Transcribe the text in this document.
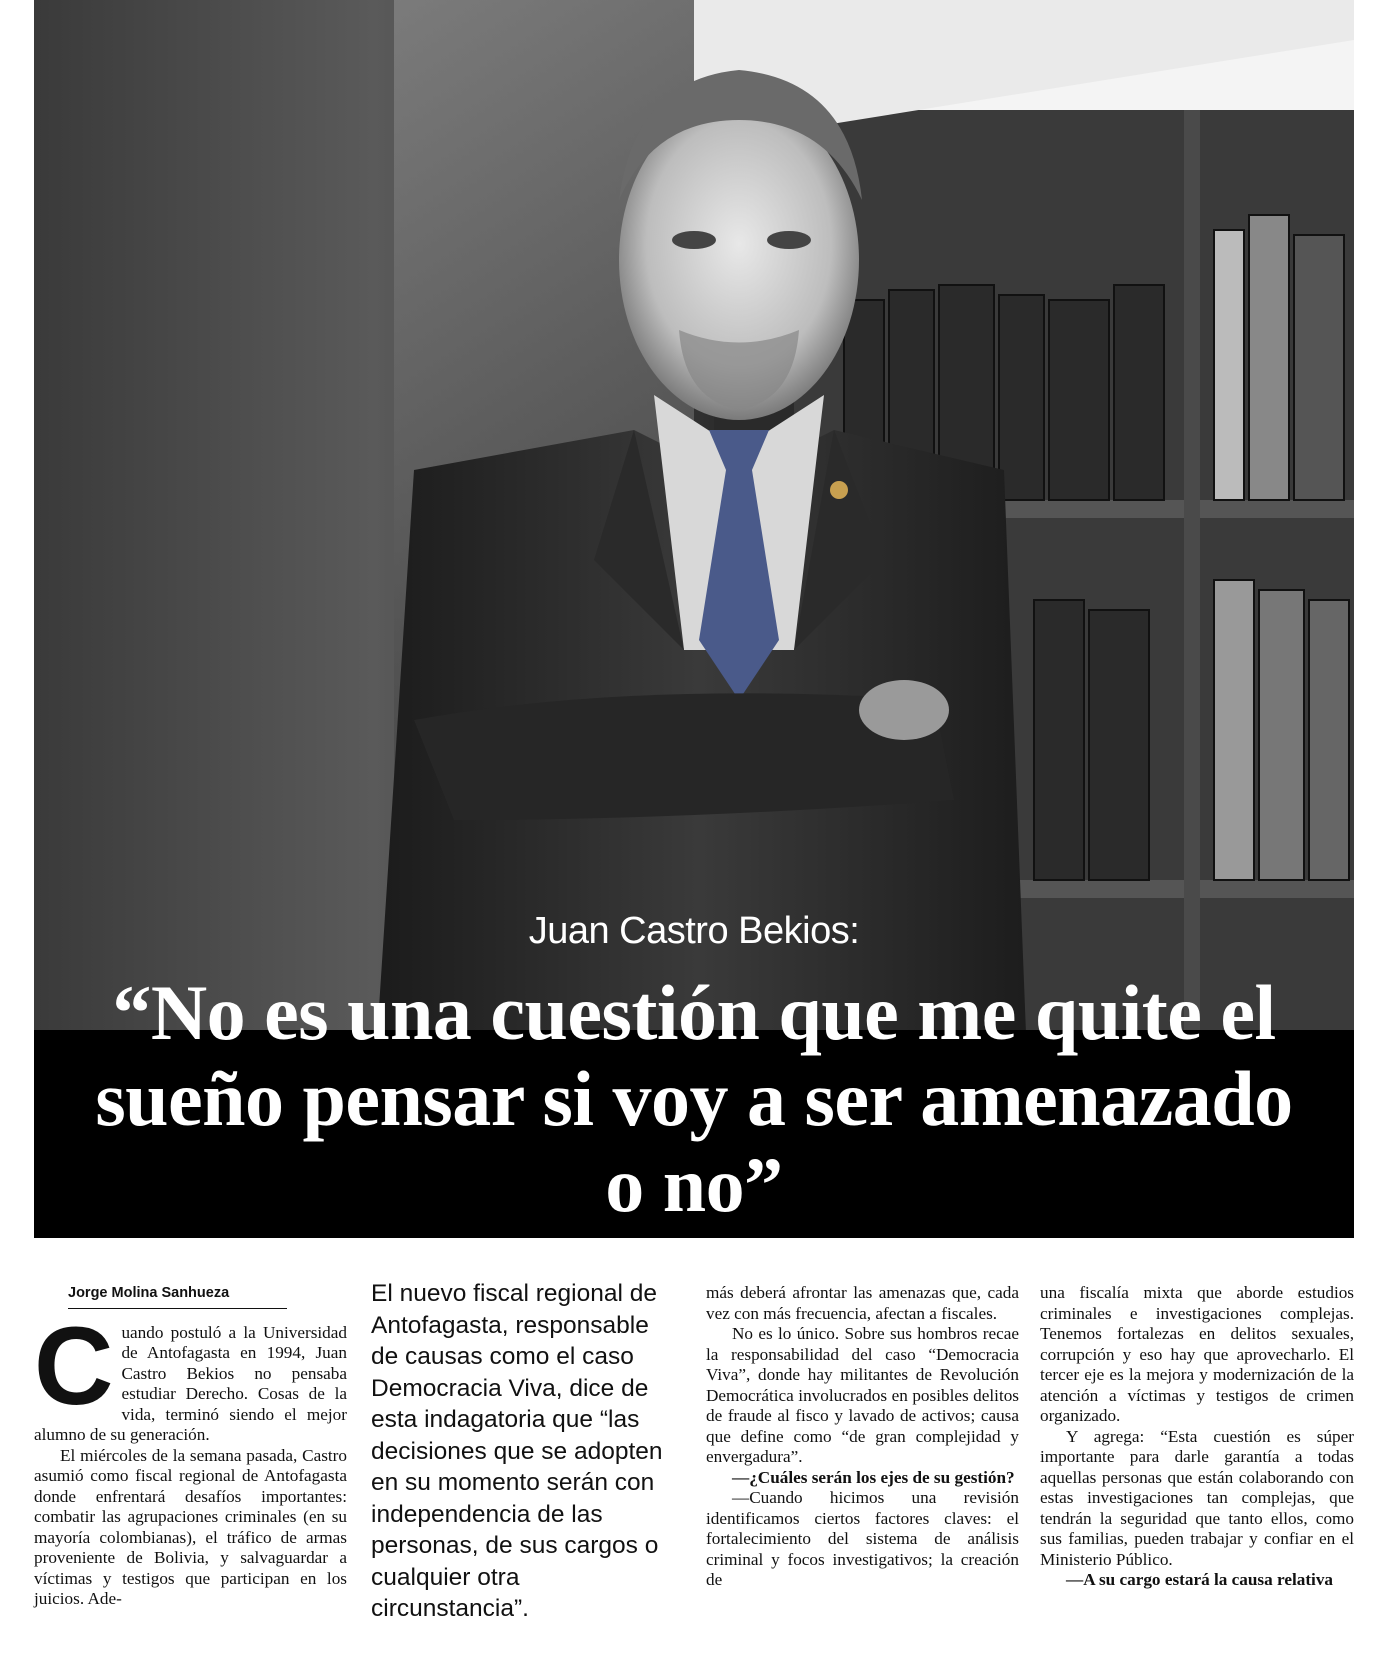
Juan Castro Bekios:
“No es una cuestión que me quite el sueño pensar si voy a ser amenazado o no”

Jorge Molina Sanhueza

Cuando postuló a la Universidad de Antofagasta en 1994, Juan Castro Bekios no pensaba estudiar Derecho. Cosas de la vida, terminó siendo el mejor alumno de su generación.

El miércoles de la semana pasada, Castro asumió como fiscal regional de Antofagasta donde enfrentará desafíos importantes: combatir las agrupaciones criminales (en su mayoría colombianas), el tráfico de armas proveniente de Bolivia, y salvaguardar a víctimas y testigos que participan en los juicios. Ade-

El nuevo fiscal regional de Antofagasta, responsable de causas como el caso Democracia Viva, dice de esta indagatoria que “las decisiones que se adopten en su momento serán con independencia de las personas, de sus cargos o cualquier otra circunstancia”.

más deberá afrontar las amenazas que, cada vez con más frecuencia, afectan a fiscales.

No es lo único. Sobre sus hombros recae la responsabilidad del caso “Democracia Viva”, donde hay militantes de Revolución Democrática involucrados en posibles delitos de fraude al fisco y lavado de activos; causa que define como “de gran complejidad y envergadura”.

—¿Cuáles serán los ejes de su gestión?

—Cuando hicimos una revisión identificamos ciertos factores claves: el fortalecimiento del sistema de análisis criminal y focos investigativos; la creación de

una fiscalía mixta que aborde estudios criminales e investigaciones complejas. Tenemos fortalezas en delitos sexuales, corrupción y eso hay que aprovecharlo. El tercer eje es la mejora y modernización de la atención a víctimas y testigos de crimen organizado.

Y agrega: “Esta cuestión es súper importante para darle garantía a todas aquellas personas que están colaborando con estas investigaciones tan complejas, que tendrán la seguridad que tanto ellos, como sus familias, pueden trabajar y confiar en el Ministerio Público.

—A su cargo estará la causa relativa
